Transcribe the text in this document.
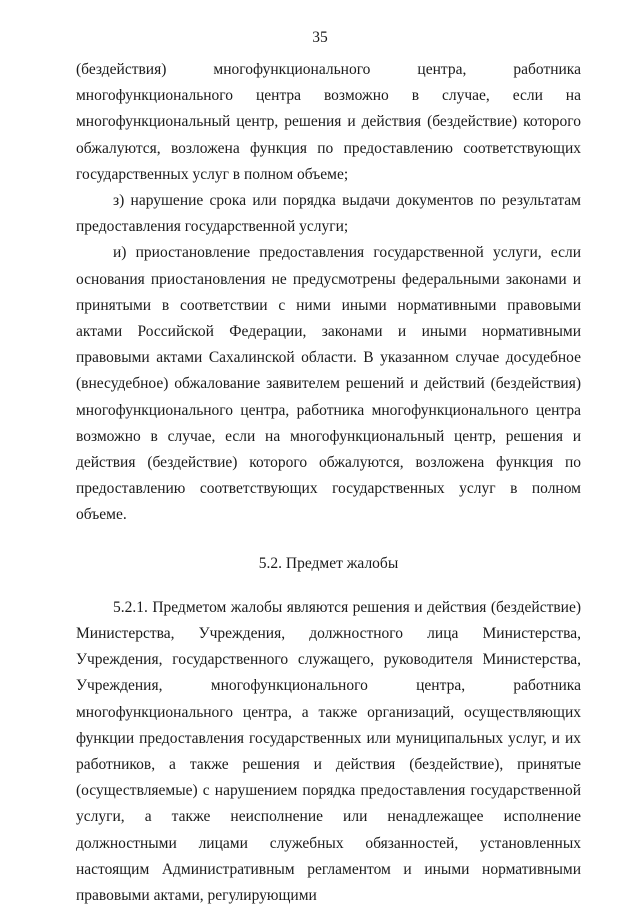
35

(бездействия) многофункционального центра, работника многофункционального центра возможно в случае, если на многофункциональный центр, решения и действия (бездействие) которого обжалуются, возложена функция по предоставлению соответствующих государственных услуг в полном объеме;

з) нарушение срока или порядка выдачи документов по результатам предоставления государственной услуги;

и) приостановление предоставления государственной услуги, если основания приостановления не предусмотрены федеральными законами и принятыми в соответствии с ними иными нормативными правовыми актами Российской Федерации, законами и иными нормативными правовыми актами Сахалинской области. В указанном случае досудебное (внесудебное) обжалование заявителем решений и действий (бездействия) многофункционального центра, работника многофункционального центра возможно в случае, если на многофункциональный центр, решения и действия (бездействие) которого обжалуются, возложена функция по предоставлению соответствующих государственных услуг в полном объеме.

5.2. Предмет жалобы

5.2.1. Предметом жалобы являются решения и действия (бездействие) Министерства, Учреждения, должностного лица Министерства, Учреждения, государственного служащего, руководителя Министерства, Учреждения, многофункционального центра, работника многофункционального центра, а также организаций, осуществляющих функции предоставления государственных или муниципальных услуг, и их работников, а также решения и действия (бездействие), принятые (осуществляемые) с нарушением порядка предоставления государственной услуги, а также неисполнение или ненадлежащее исполнение должностными лицами служебных обязанностей, установленных настоящим Административным регламентом и иными нормативными правовыми актами, регулирующими
